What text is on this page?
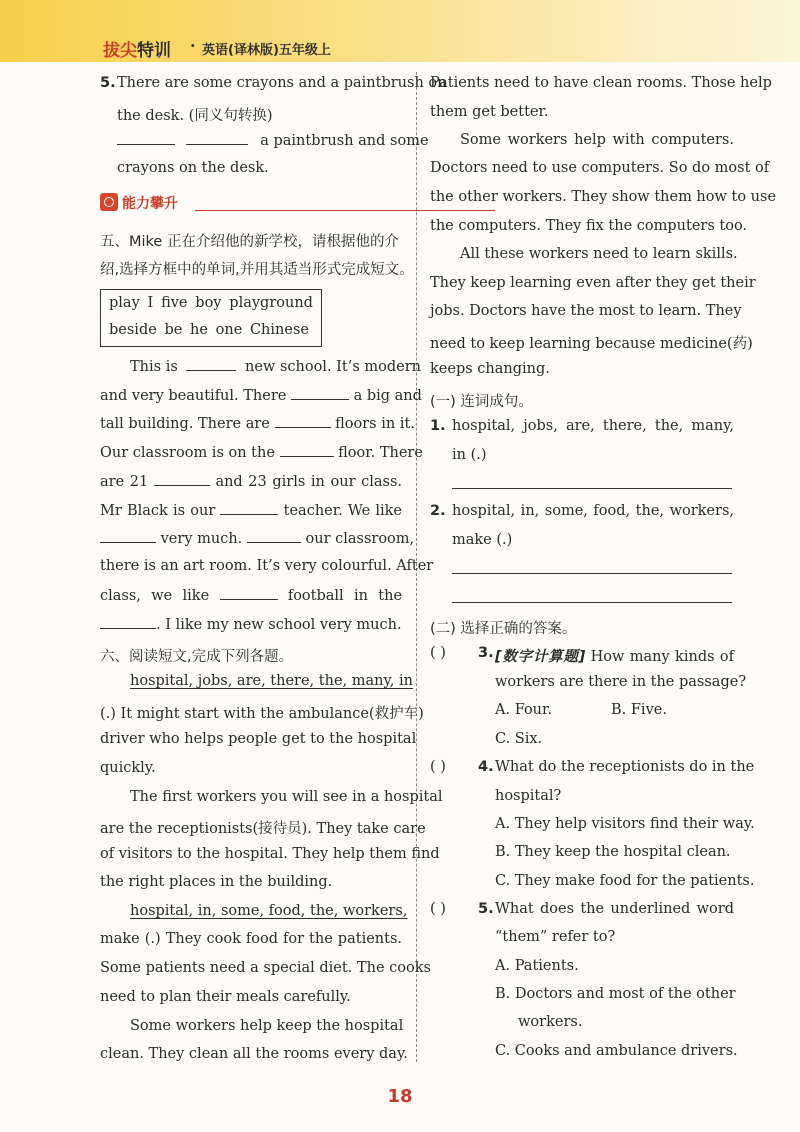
拔尖特训 · 英语(译林版)五年级上
5. There are some crayons and a paintbrush on
the desk. (同义句转换)
a paintbrush and some
crayons on the desk.
能力攀升
五、Mike 正在介绍他的新学校，请根据他的介
绍,选择方框中的单词,并用其适当形式完成短文。
play I five boy playground
beside be he one Chinese
This is	new school. It’s modern
and very beautiful. There	a big and
tall building. There are	floors in it.
Our classroom is on the	floor. There
are 21	and 23 girls in our class.
Mr Black is our	teacher. We like
very much.	our classroom,
there is an art room. It’s very colourful. After
class, we like	football in the
. I like my new school very much.
六、阅读短文,完成下列各题。
hospital, jobs, are, there, the, many, in
(.) It might start with the ambulance(救护车)
driver who helps people get to the hospital
quickly.
The first workers you will see in a hospital
are the receptionists(接待员). They take care
of visitors to the hospital. They help them find
the right places in the building.
hospital, in, some, food, the, workers,
make (.) They cook food for the patients.
Some patients need a special diet. The cooks
need to plan their meals carefully.
Some workers help keep the hospital
clean. They clean all the rooms every day.
Patients need to have clean rooms. Those help
them get better.
Some workers help with computers.
Doctors need to use computers. So do most of
the other workers. They show them how to use
the computers. They fix the computers too.
All these workers need to learn skills.
They keep learning even after they get their
jobs. Doctors have the most to learn. They
need to keep learning because medicine(药)
keeps changing.
(一) 连词成句。
1. hospital, jobs, are, there, the, many,
in (.)
2. hospital, in, some, food, the, workers,
make (.)
(二) 选择正确的答案。
( ) 3. [数字计算题] How many kinds of
workers are there in the passage?
A. Four.	B. Five.
C. Six.
( ) 4. What do the receptionists do in the
hospital?
A. They help visitors find their way.
B. They keep the hospital clean.
C. They make food for the patients.
( ) 5. What does the underlined word
“them” refer to?
A. Patients.
B. Doctors and most of the other
workers.
C. Cooks and ambulance drivers.
18
